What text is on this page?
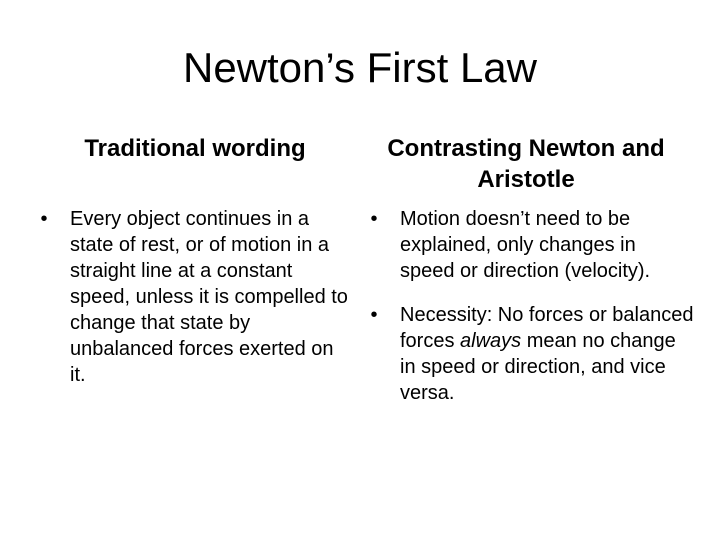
Newton’s First Law
Traditional wording	Contrasting Newton and Aristotle
•	Every object continues in a state of rest, or of motion in a straight line at a constant speed, unless it is compelled to change that state by unbalanced forces exerted on it.
•	Motion doesn’t need to be explained, only changes in speed or direction (velocity).
•	Necessity: No forces or balanced forces always mean no change in speed or direction, and vice versa.
